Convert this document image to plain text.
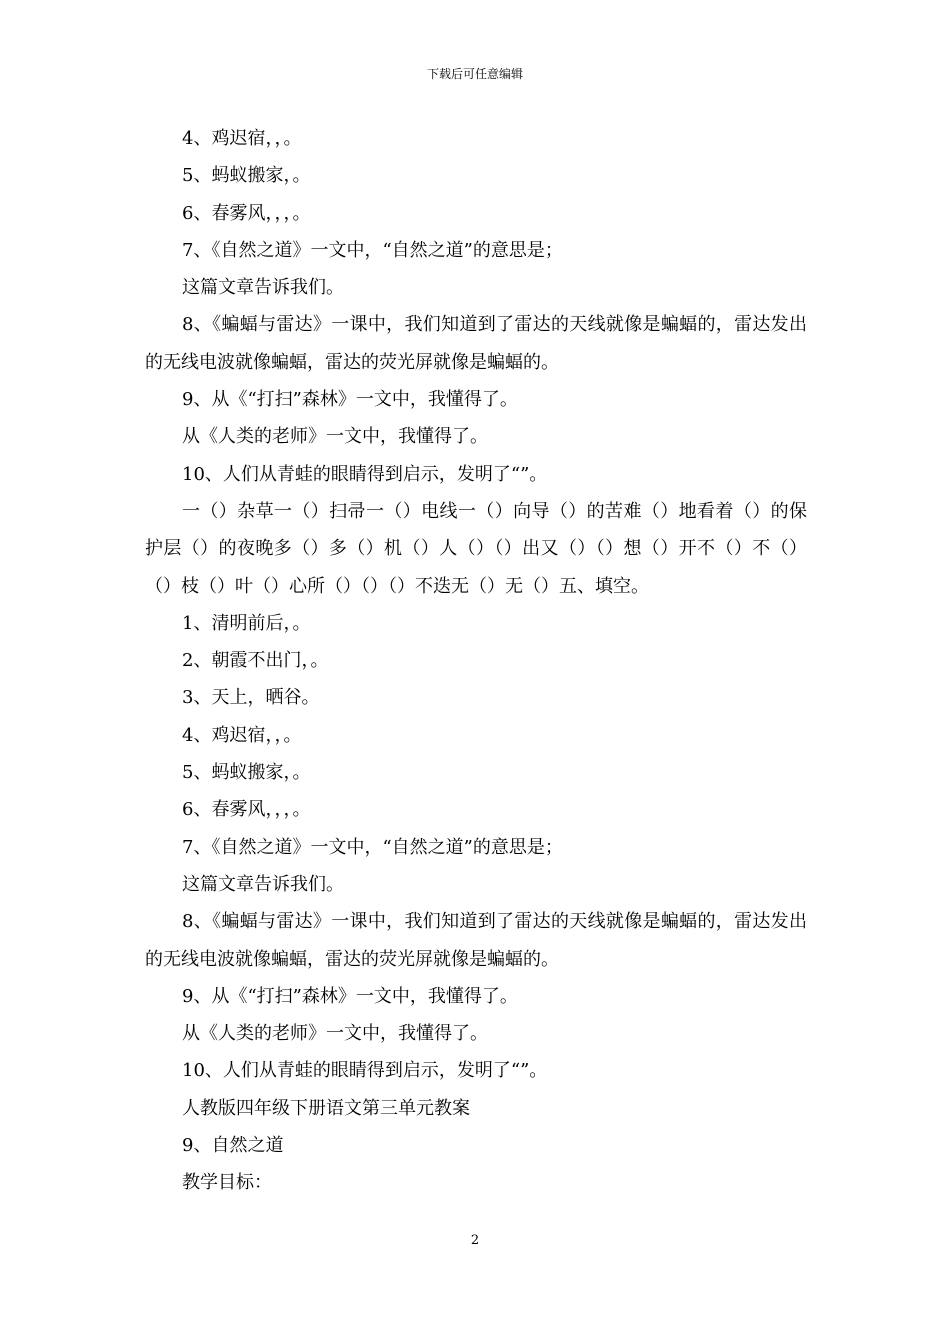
下载后可任意编辑

4、鸡迟宿，，。

5、蚂蚁搬家，。

6、春雾风，，，。

7、《自然之道》一文中，“自然之道”的意思是；

这篇文章告诉我们。

8、《蝙蝠与雷达》一课中，我们知道到了雷达的天线就像是蝙蝠的，雷达发出的无线电波就像蝙蝠，雷达的荧光屏就像是蝙蝠的。

9、从《“打扫”森林》一文中，我懂得了。

从《人类的老师》一文中，我懂得了。

10、人们从青蛙的眼睛得到启示，发明了“”。

一（）杂草一（）扫帚一（）电线一（）向导（）的苦难（）地看着（）的保护层（）的夜晚多（）多（）机（）人（）（）出又（）（）想（）开不（）不（）（）枝（）叶（）心所（）（）（）不迭无（）无（）五、填空。

1、清明前后，。

2、朝霞不出门，。

3、天上，晒谷。

4、鸡迟宿，，。

5、蚂蚁搬家，。

6、春雾风，，，。

7、《自然之道》一文中，“自然之道”的意思是；

这篇文章告诉我们。

8、《蝙蝠与雷达》一课中，我们知道到了雷达的天线就像是蝙蝠的，雷达发出的无线电波就像蝙蝠，雷达的荧光屏就像是蝙蝠的。

9、从《“打扫”森林》一文中，我懂得了。

从《人类的老师》一文中，我懂得了。

10、人们从青蛙的眼睛得到启示，发明了“”。

人教版四年级下册语文第三单元教案

9、自然之道

教学目标：

2
